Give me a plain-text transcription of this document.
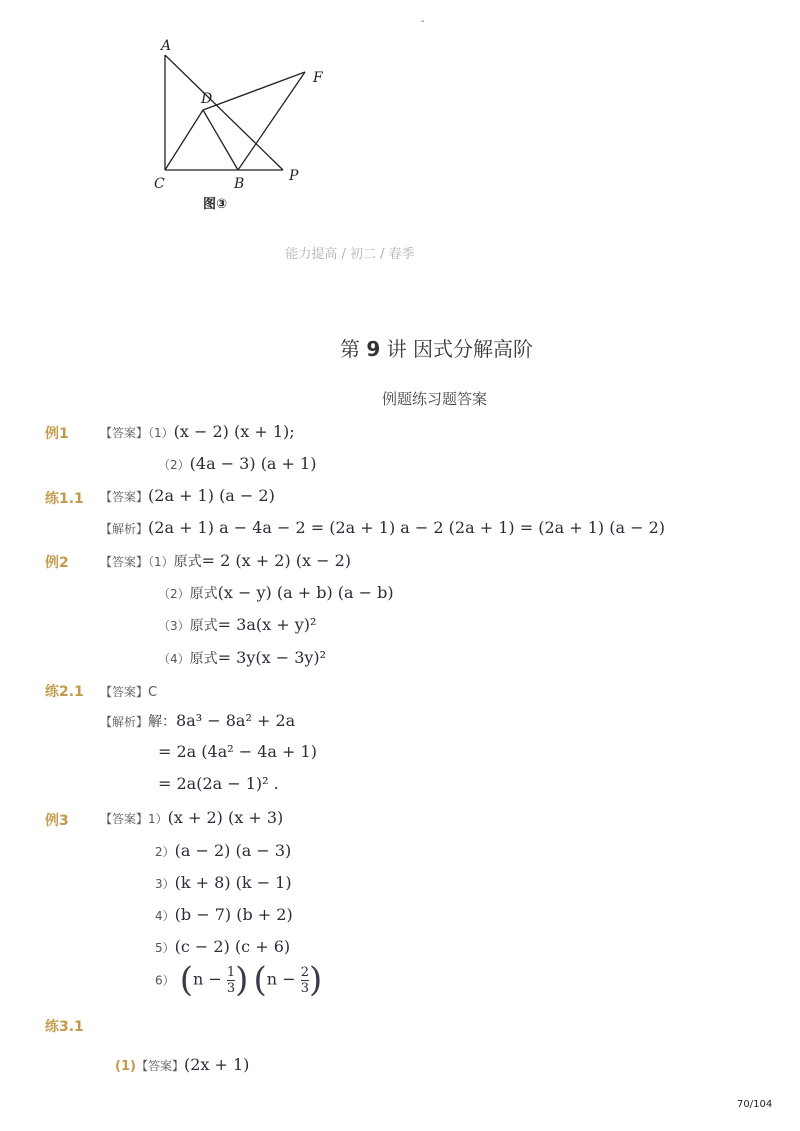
A
D
F
C	B	P
图③
-
能力提高 / 初二 / 春季
第 9 讲 因式分解高阶
例题练习题答案
例1	【答案】（1）(x − 2) (x + 1);
（2）(4a − 3) (a + 1)
练1.1 【答案】(2a + 1) (a − 2)
【解析】(2a + 1) a − 4a − 2 = (2a + 1) a − 2 (2a + 1) = (2a + 1) (a − 2)
例2	【答案】（1）原式= 2 (x + 2) (x − 2)
（2）原式(x − y) (a + b) (a − b)
（3）原式= 3a(x + y)²
（4）原式= 3y(x − 3y)²
练2.1 【答案】C
【解析】解：8a³ − 8a² + 2a
= 2a (4a² − 4a + 1)
= 2a(2a − 1)² .
例3	【答案】1）(x + 2) (x + 3)
2）(a − 2) (a − 3)
3）(k + 8) (k − 1)
4）(b − 7) (b + 2)
5）(c − 2) (c + 6)
6） ($n - \frac{1}{3}$ ) ($n - \frac{2}{3}$ )
练3.1
(1)【答案】(2x + 1)
70/104
